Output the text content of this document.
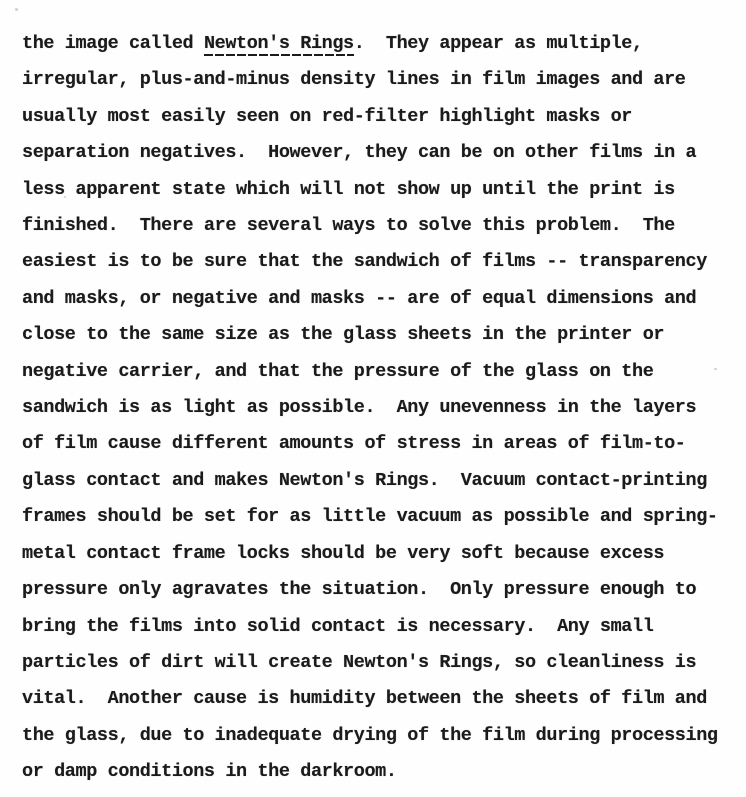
the image called Newton's Rings.  They appear as multiple,
irregular, plus-and-minus density lines in film images and are
usually most easily seen on red-filter highlight masks or
separation negatives.  However, they can be on other films in a
less apparent state which will not show up until the print is
finished.  There are several ways to solve this problem.  The
easiest is to be sure that the sandwich of films -- transparency
and masks, or negative and masks -- are of equal dimensions and
close to the same size as the glass sheets in the printer or
negative carrier, and that the pressure of the glass on the
sandwich is as light as possible.  Any unevenness in the layers
of film cause different amounts of stress in areas of film-to-
glass contact and makes Newton's Rings.  Vacuum contact-printing
frames should be set for as little vacuum as possible and spring-
metal contact frame locks should be very soft because excess
pressure only agravates the situation.  Only pressure enough to
bring the films into solid contact is necessary.  Any small
particles of dirt will create Newton's Rings, so cleanliness is
vital.  Another cause is humidity between the sheets of film and
the glass, due to inadequate drying of the film during processing
or damp conditions in the darkroom.
